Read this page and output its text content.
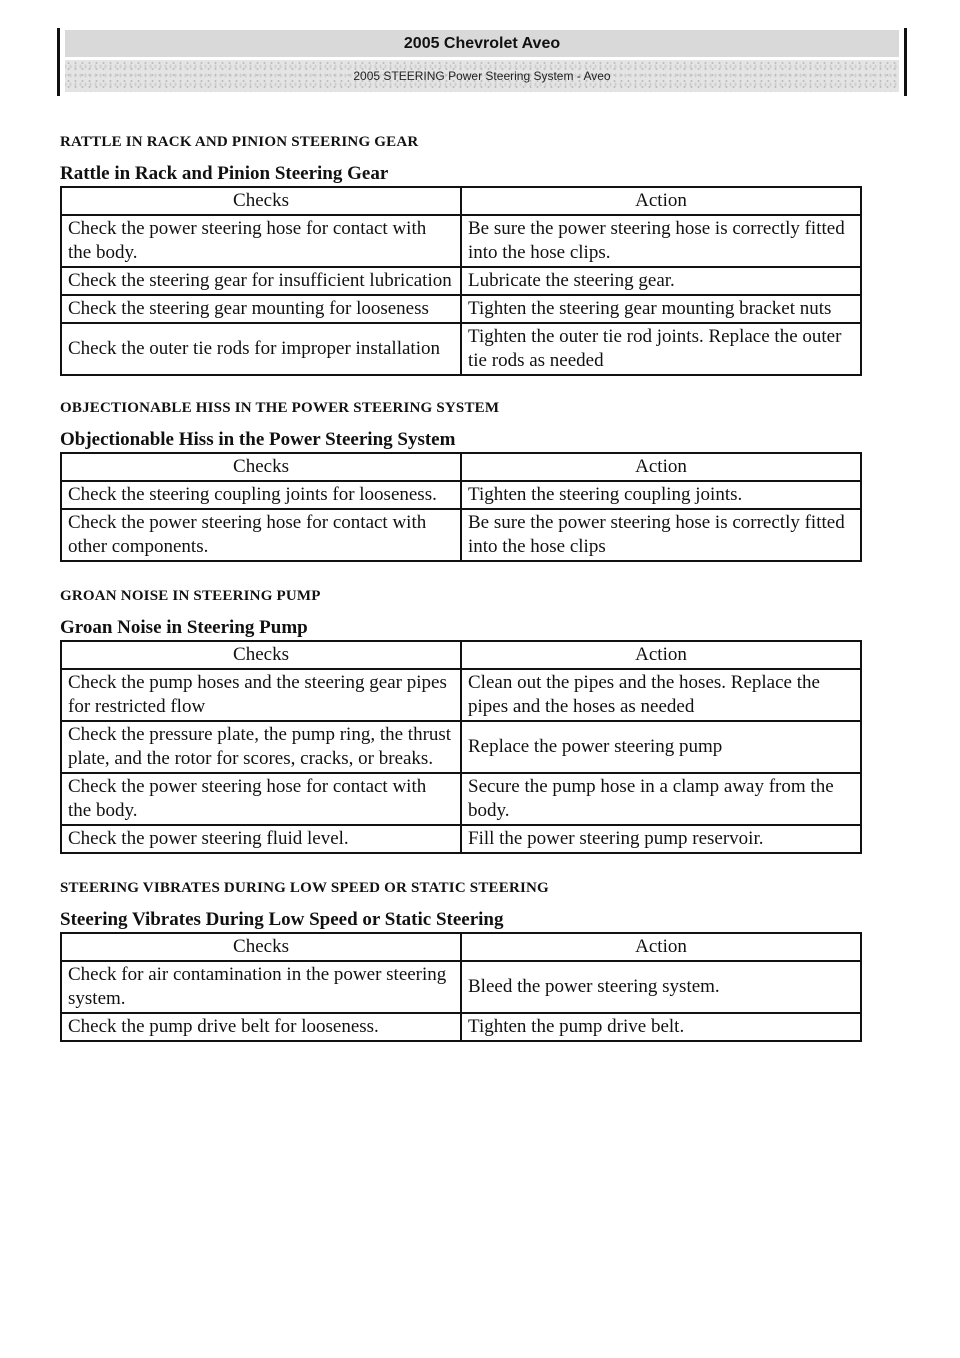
2005 Chevrolet Aveo
2005 STEERING Power Steering System - Aveo

RATTLE IN RACK AND PINION STEERING GEAR

Rattle in Rack and Pinion Steering Gear

Checks	Action
Check the power steering hose for contact with the body.	Be sure the power steering hose is correctly fitted into the hose clips.
Check the steering gear for insufficient lubrication	Lubricate the steering gear.
Check the steering gear mounting for looseness	Tighten the steering gear mounting bracket nuts
Check the outer tie rods for improper installation	Tighten the outer tie rod joints. Replace the outer tie rods as needed

OBJECTIONABLE HISS IN THE POWER STEERING SYSTEM

Objectionable Hiss in the Power Steering System

Checks	Action
Check the steering coupling joints for looseness.	Tighten the steering coupling joints.
Check the power steering hose for contact with other components.	Be sure the power steering hose is correctly fitted into the hose clips

GROAN NOISE IN STEERING PUMP

Groan Noise in Steering Pump

Checks	Action
Check the pump hoses and the steering gear pipes for restricted flow	Clean out the pipes and the hoses. Replace the pipes and the hoses as needed
Check the pressure plate, the pump ring, the thrust plate, and the rotor for scores, cracks, or breaks.	Replace the power steering pump
Check the power steering hose for contact with the body.	Secure the pump hose in a clamp away from the body.
Check the power steering fluid level.	Fill the power steering pump reservoir.

STEERING VIBRATES DURING LOW SPEED OR STATIC STEERING

Steering Vibrates During Low Speed or Static Steering

Checks	Action
Check for air contamination in the power steering system.	Bleed the power steering system.
Check the pump drive belt for looseness.	Tighten the pump drive belt.
